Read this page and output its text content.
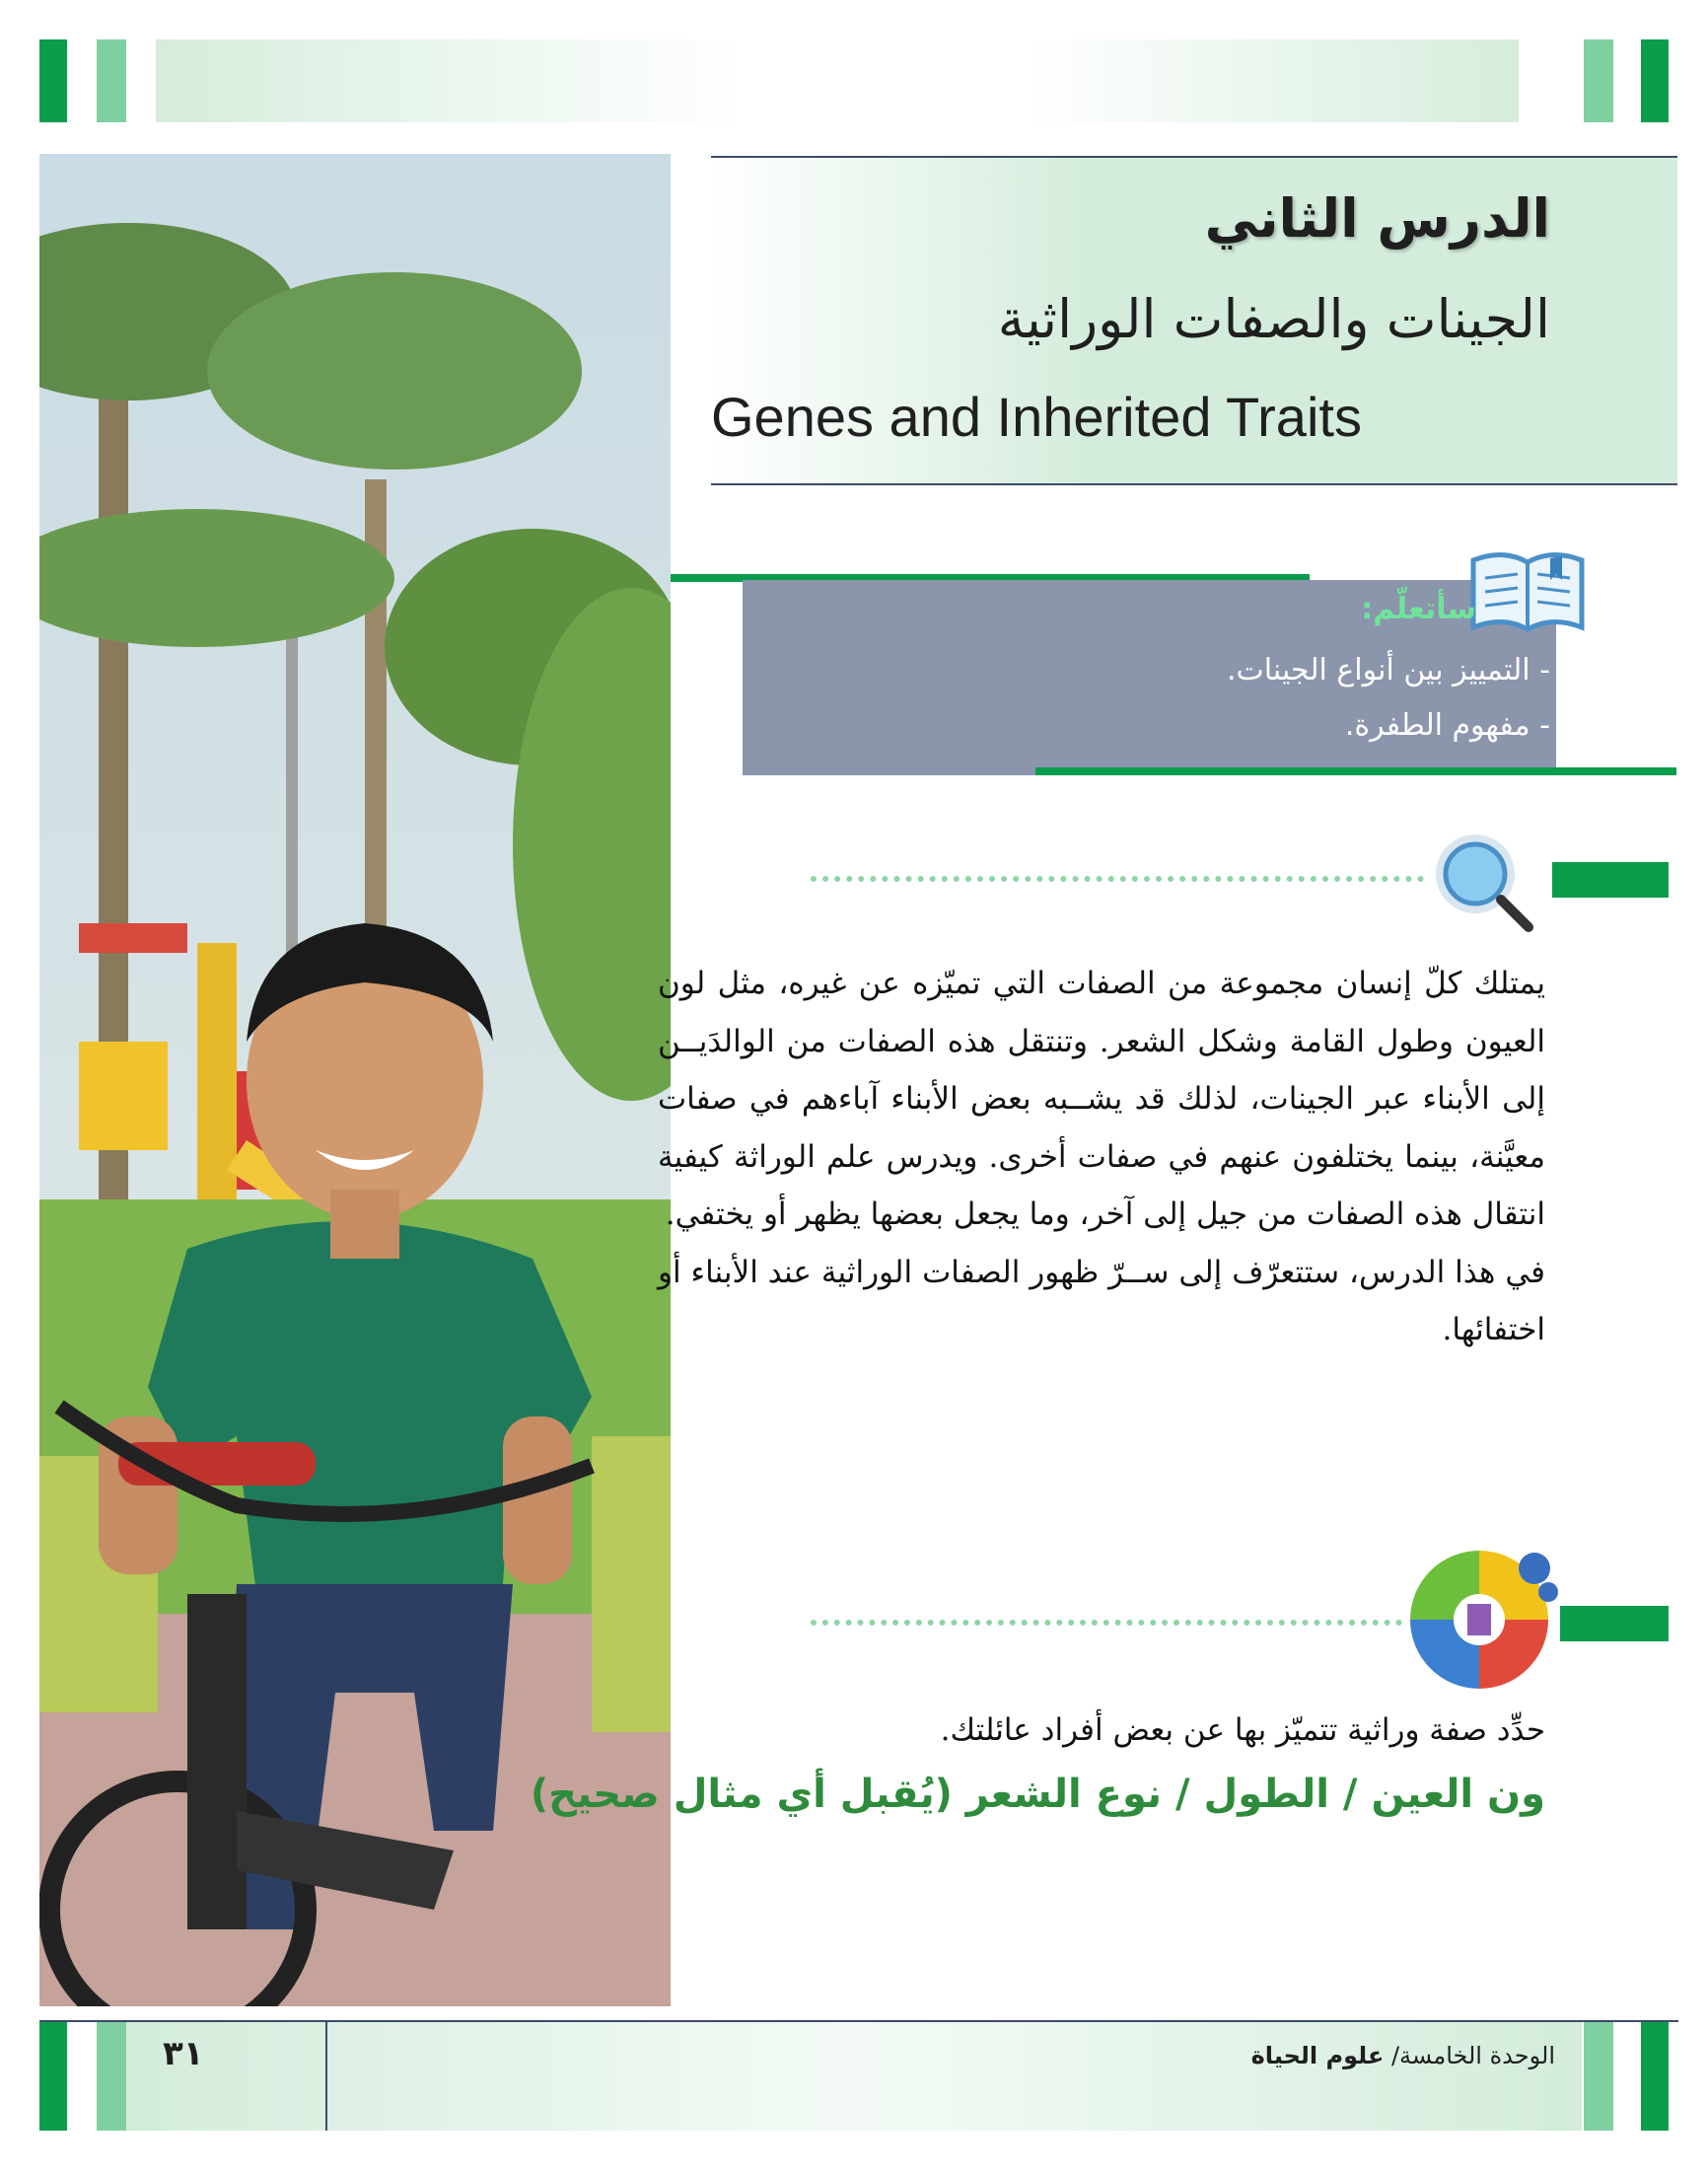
الدرس الثاني
الجينات والصفات الوراثية
Genes and Inherited Traits
سأتعلّم:
- التمييز بين أنواع الجينات.
- مفهوم الطفرة.

يمتلك كلّ إنسان مجموعة من الصفات التي تميّزه عن غيره، مثل لون العيون وطول القامة وشكل الشعر. وتنتقل هذه الصفات من الوالدَيــن إلى الأبناء عبر الجينات، لذلك قد يشــبه بعض الأبناء آباءهم في صفات معيَّنة، بينما يختلفون عنهم في صفات أخرى. ويدرس علم الوراثة كيفية انتقال هذه الصفات من جيل إلى آخر، وما يجعل بعضها يظهر أو يختفي.

في هذا الدرس، ستتعرّف إلى ســرّ ظهور الصفات الوراثية عند الأبناء أو اختفائها.

حدِّد صفة وراثية تتميّز بها عن بعض أفراد عائلتك.
ون العين / الطول / نوع الشعر (يُقبل أي مثال صحيح)
٣١	الوحدة الخامسة/ علوم الحياة
